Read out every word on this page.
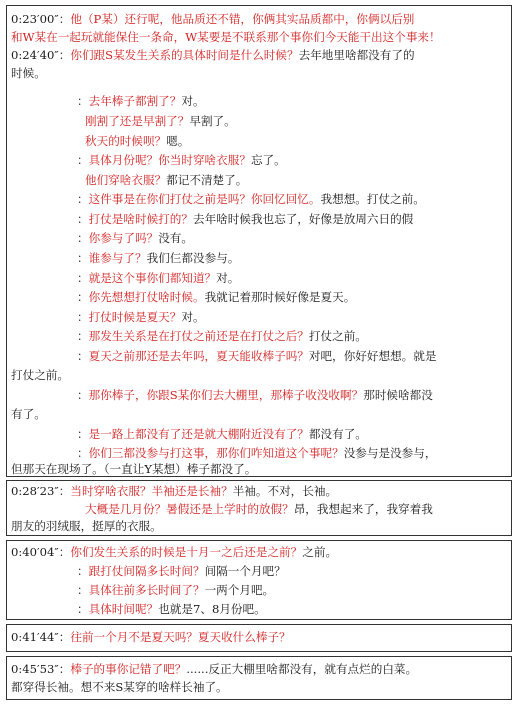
0:23′00″：他（P某）还行呢，他品质还不错，你俩其实品质都中，你俩以后别
和W某在一起玩就能保住一条命，W某要是不联系那个事你们今天能干出这个事来！
0:24′40″：你们跟S某发生关系的具体时间是什么时候？去年地里啥都没有了的
时候。
：去年棒子都割了？对。
刚割了还是早割了？早割了。
秋天的时候呗？嗯。
：具体月份呢？你当时穿啥衣服？忘了。
他们穿啥衣服？都记不清楚了。
：这件事是在你们打仗之前是吗？你回忆回忆。我想想。打仗之前。
：打仗是啥时候打的？去年啥时候我也忘了，好像是放周六日的假
：你参与了吗？没有。
：谁参与了？我们仨都没参与。
：就是这个事你们都知道？对。
：你先想想打仗啥时候。我就记着那时候好像是夏天。
：打仗时候是夏天？对。
：那发生关系是在打仗之前还是在打仗之后？打仗之前。
：夏天之前那还是去年吗，夏天能收棒子吗？对吧，你好好想想。就是
打仗之前。
：那你棒子，你跟S某你们去大棚里，那棒子收没收啊？那时候啥都没
有了。
：是一路上都没有了还是就大棚附近没有了？都没有了。
：你们三都没参与打这事，那你们咋知道这个事呢？没参与是没参与，
但那天在现场了。（一直让Y某想）棒子都没了。
0:28′23″：当时穿啥衣服？半袖还是长袖？半袖。不对，长袖。
大概是几月份？暑假还是上学时的放假？昂，我想起来了，我穿着我
朋友的羽绒服，挺厚的衣服。
0:40′04″：你们发生关系的时候是十月一之后还是之前？之前。
：跟打仗间隔多长时间？间隔一个月吧？
：具体往前多长时间了？一两个月吧。
：具体时间呢？也就是7、8月份吧。
0:41′44″：往前一个月不是夏天吗？夏天收什么棒子？
0:45′53″：棒子的事你记错了吧？......反正大棚里啥都没有，就有点烂的白菜。
都穿得长袖。想不来S某穿的啥样长袖了。
